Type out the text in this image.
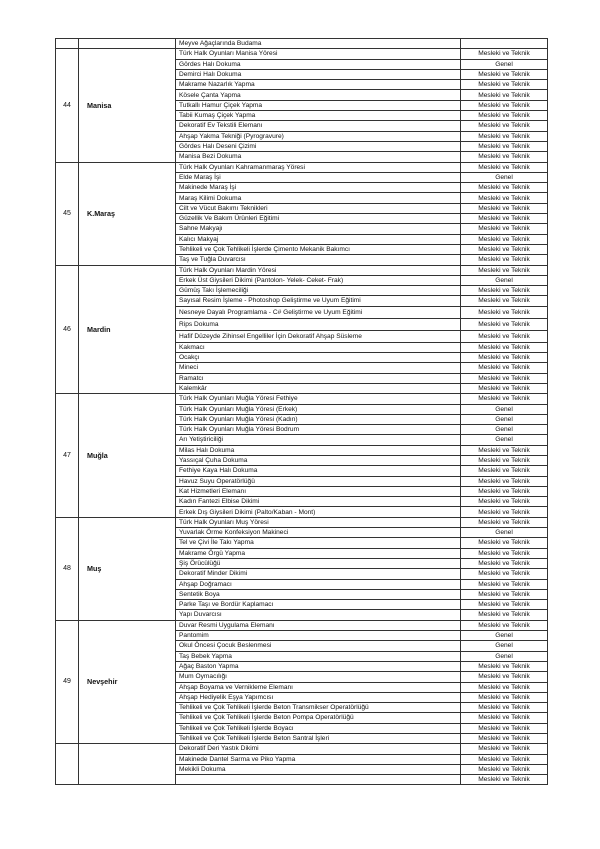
		Meyve Ağaçlarında Budama	
44	Manisa	Türk Halk Oyunları Manisa Yöresi	Mesleki ve Teknik
		Gördes Halı Dokuma	Genel
		Demirci Halı Dokuma	Mesleki ve Teknik
		Makrame Nazarlık Yapma	Mesleki ve Teknik
		Kösele Çanta Yapma	Mesleki ve Teknik
		Tutkallı Hamur Çiçek Yapma	Mesleki ve Teknik
		Tabii Kumaş Çiçek Yapma	Mesleki ve Teknik
		Dekoratif Ev Tekstili Elemanı	Mesleki ve Teknik
		Ahşap Yakma Tekniği (Pyrogravure)	Mesleki ve Teknik
		Gördes Halı Deseni Çizimi	Mesleki ve Teknik
		Manisa Bezi Dokuma	Mesleki ve Teknik
45	K.Maraş	Türk Halk Oyunları Kahramanmaraş Yöresi	Mesleki ve Teknik
		Elde Maraş İşi	Genel
		Makinede Maraş İşi	Mesleki ve Teknik
		Maraş Kilimi Dokuma	Mesleki ve Teknik
		Cilt ve Vücut Bakımı Teknikleri	Mesleki ve Teknik
		Güzellik Ve Bakım Ürünleri Eğitimi	Mesleki ve Teknik
		Sahne Makyajı	Mesleki ve Teknik
		Kalıcı Makyaj	Mesleki ve Teknik
		Tehlikeli ve Çok Tehlikeli İşlerde Çimento Mekanik Bakımcı	Mesleki ve Teknik
		Taş ve Tuğla Duvarcısı	Mesleki ve Teknik
46	Mardin	Türk Halk Oyunları Mardin Yöresi	Mesleki ve Teknik
		Erkek Üst Giysileri Dikimi (Pantolon- Yelek- Ceket- Frak)	Genel
		Gümüş Takı İşlemeciliği	Mesleki ve Teknik
		Sayısal Resim İşleme - Photoshop Geliştirme ve Uyum Eğitimi	Mesleki ve Teknik
		Nesneye Dayalı Programlama - C# Geliştirme ve Uyum Eğitimi	Mesleki ve Teknik
		Rips Dokuma	Mesleki ve Teknik
		Hafif Düzeyde Zihinsel Engelliler İçin Dekoratif Ahşap Süsleme	Mesleki ve Teknik
		Kakmacı	Mesleki ve Teknik
		Ocakçı	Mesleki ve Teknik
		Mineci	Mesleki ve Teknik
		Ramatcı	Mesleki ve Teknik
		Kalemkâr	Mesleki ve Teknik
47	Muğla	Türk Halk Oyunları Muğla Yöresi Fethiye	Mesleki ve Teknik
		Türk Halk Oyunları Muğla Yöresi (Erkek)	Genel
		Türk Halk Oyunları Muğla Yöresi (Kadın)	Genel
		Türk Halk Oyunları Muğla Yöresi Bodrum	Genel
		Arı Yetiştiriciliği	Genel
		Milas Halı Dokuma	Mesleki ve Teknik
		Yassıçal Çuha Dokuma	Mesleki ve Teknik
		Fethiye Kaya Halı Dokuma	Mesleki ve Teknik
		Havuz Suyu Operatörlüğü	Mesleki ve Teknik
		Kat Hizmetleri Elemanı	Mesleki ve Teknik
		Kadın Fantezi Elbise Dikimi	Mesleki ve Teknik
		Erkek Dış Giysileri Dikimi (Palto/Kaban - Mont)	Mesleki ve Teknik
48	Muş	Türk Halk Oyunları Muş Yöresi	Mesleki ve Teknik
		Yuvarlak Örme Konfeksiyon Makineci	Genel
		Tel ve Çivi İle Takı Yapma	Mesleki ve Teknik
		Makrame Örgü Yapma	Mesleki ve Teknik
		Şiş Örücülüğü	Mesleki ve Teknik
		Dekoratif Minder Dikimi	Mesleki ve Teknik
		Ahşap Doğramacı	Mesleki ve Teknik
		Sentetik Boya	Mesleki ve Teknik
		Parke Taşı ve Bordür Kaplamacı	Mesleki ve Teknik
		Yapı Duvarcısı	Mesleki ve Teknik
49	Nevşehir	Duvar Resmi Uygulama Elemanı	Mesleki ve Teknik
		Pantomim	Genel
		Okul Öncesi Çocuk Beslenmesi	Genel
		Taş Bebek Yapma	Genel
		Ağaç Baston Yapma	Mesleki ve Teknik
		Mum Oymacılığı	Mesleki ve Teknik
		Ahşap Boyama ve Vernikleme Elemanı	Mesleki ve Teknik
		Ahşap Hediyelik Eşya Yapımcısı	Mesleki ve Teknik
		Tehlikeli ve Çok Tehlikeli İşlerde Beton Transmikser Operatörlüğü	Mesleki ve Teknik
		Tehlikeli ve Çok Tehlikeli İşlerde Beton Pompa Operatörlüğü	Mesleki ve Teknik
		Tehlikeli ve Çok Tehlikeli İşlerde Boyacı	Mesleki ve Teknik
		Tehlikeli ve Çok Tehlikeli İşlerde Beton Santral İşleri	Mesleki ve Teknik
		Dekoratif Deri Yastık Dikimi	Mesleki ve Teknik
		Makinede Dantel Sarma ve Piko Yapma	Mesleki ve Teknik
		Mekikli Dokuma	Mesleki ve Teknik
			Mesleki ve Teknik
